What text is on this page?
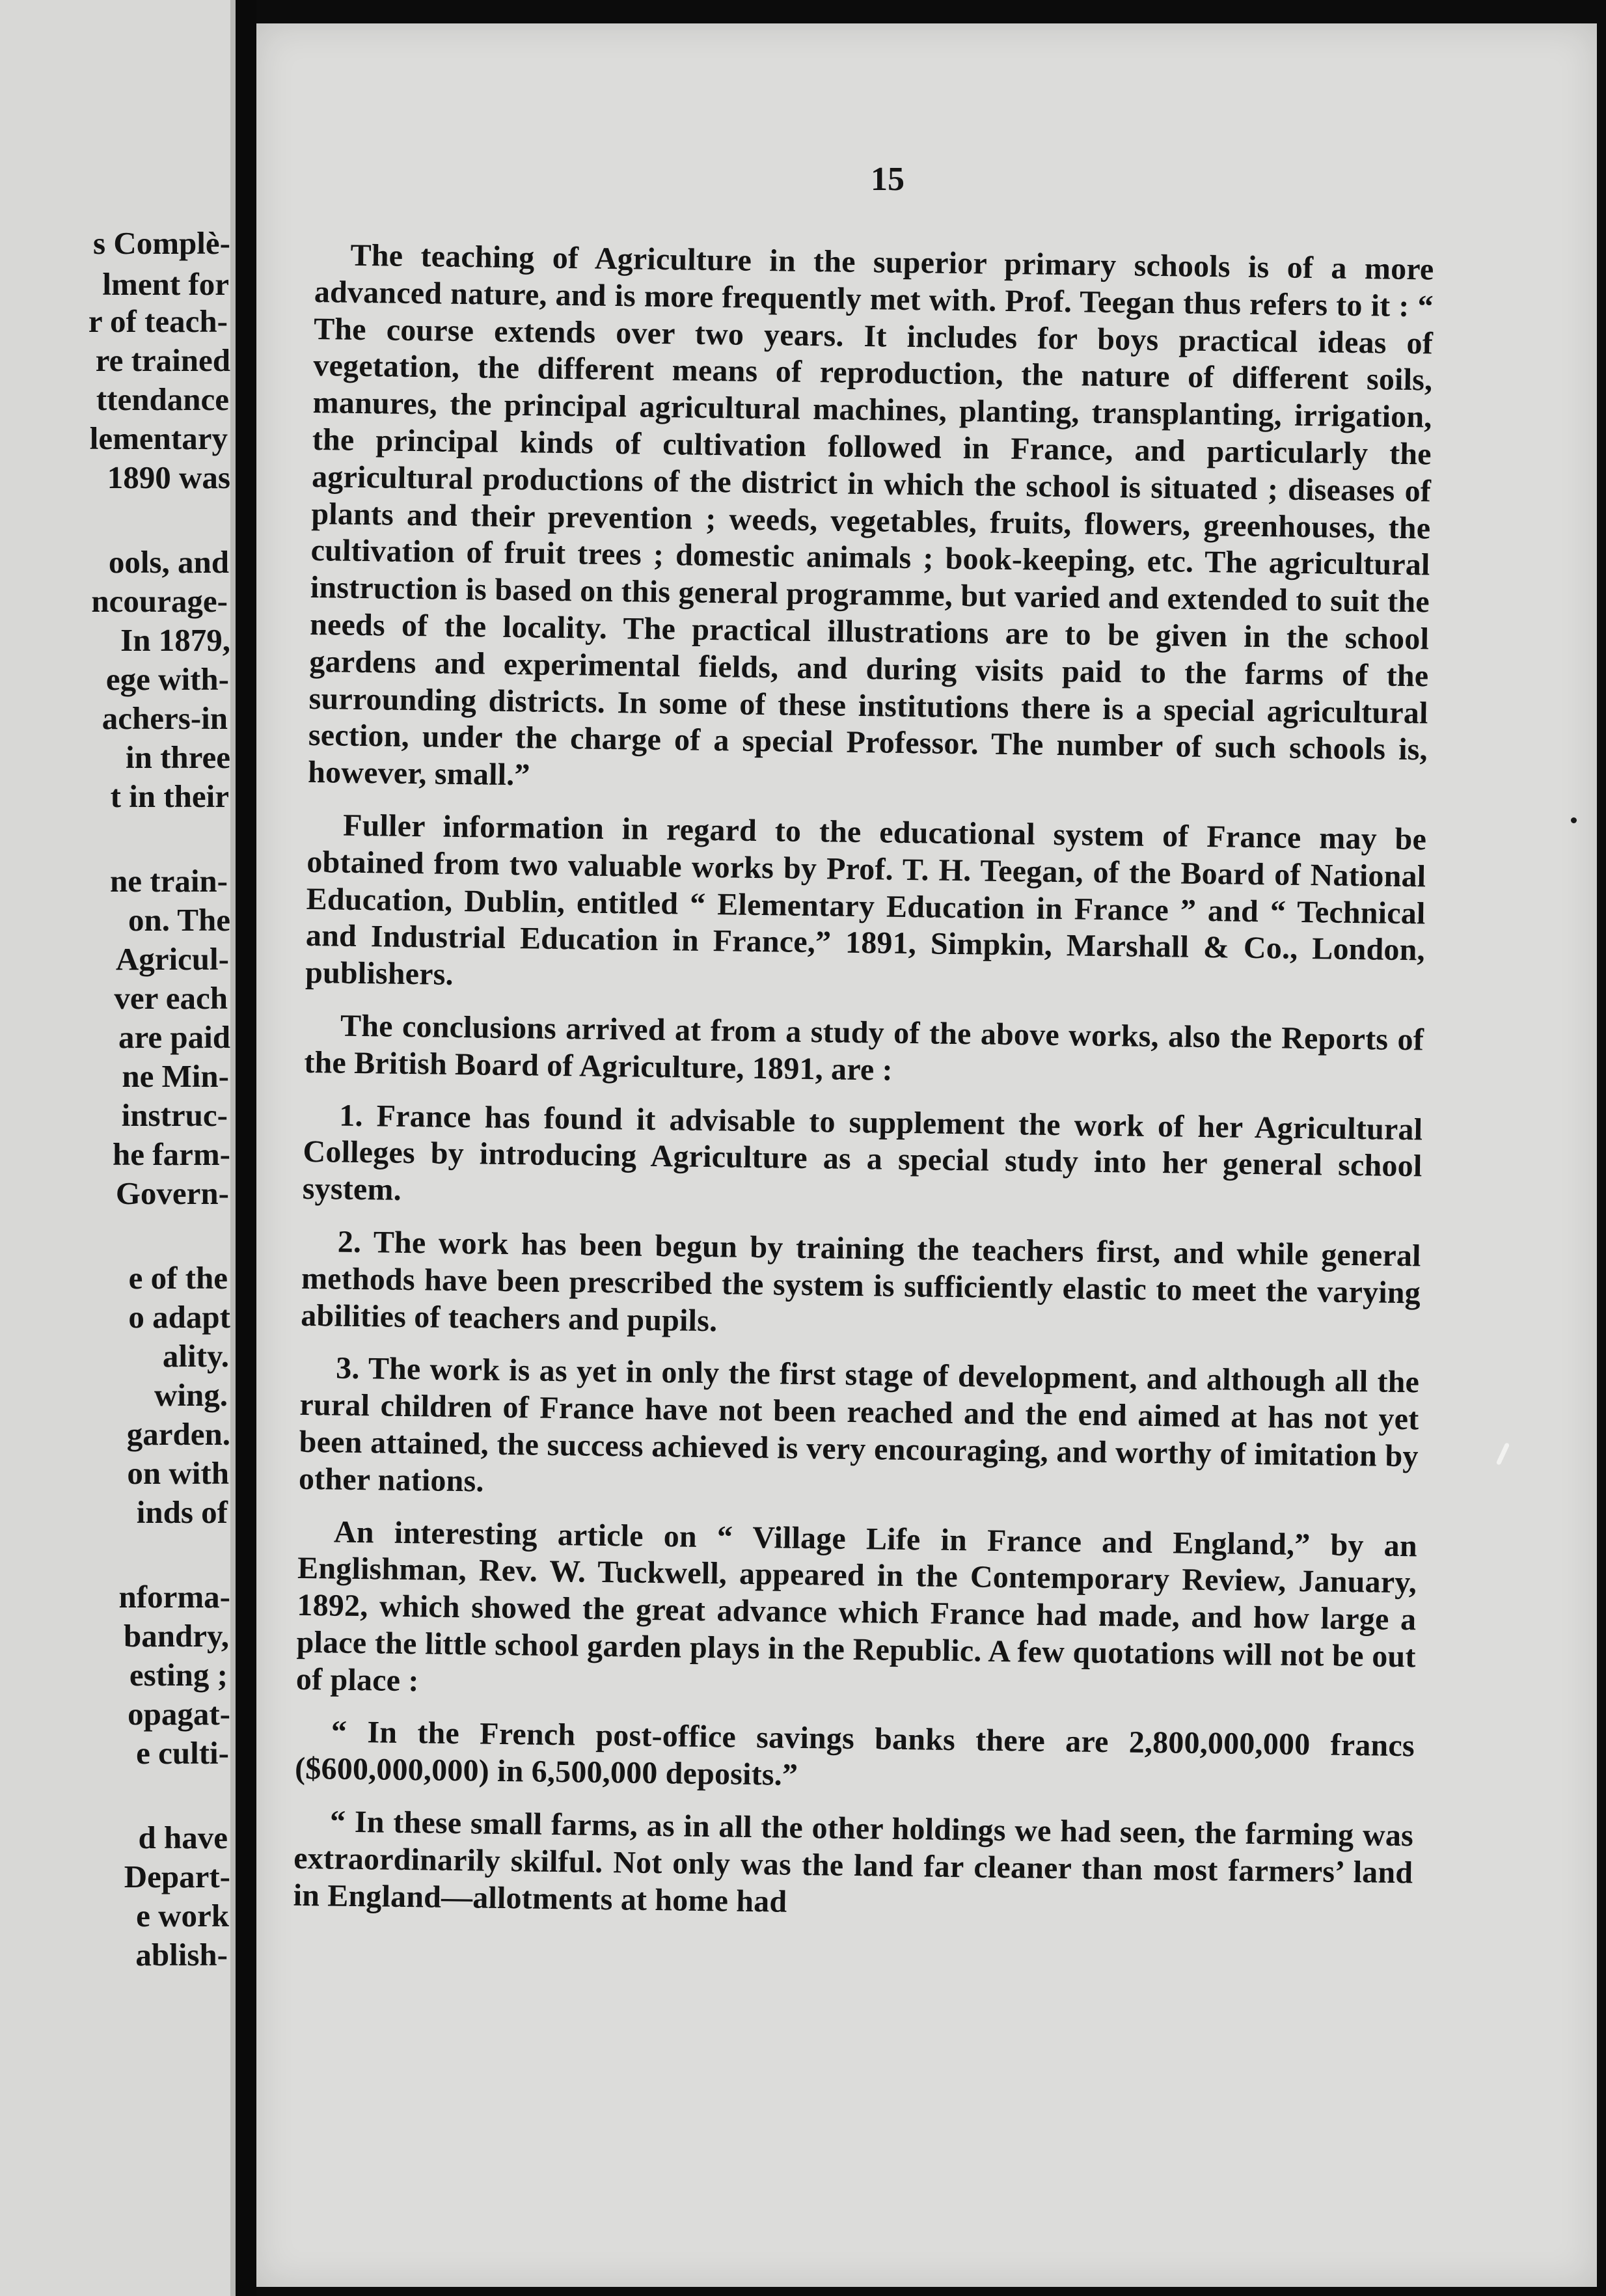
s Complè-
lment for
r of teach-
re trained
ttendance
lementary
1890 was
ools, and
ncourage-
In 1879,
ege with-
achers-in
in three
t in their
ne train-
on. The
Agricul-
ver each
are paid
ne Min-
instruc-
he farm-
Govern-
e of the
o adapt
ality.
wing.
garden.
on with
inds of
nforma-
bandry,
esting ;
opagat-
e culti-
d have
Depart-
e work
ablish-
15

The teaching of Agriculture in the superior primary schools is of a more advanced nature, and is more frequently met with. Prof. Teegan thus refers to it : “ The course extends over two years. It includes for boys practical ideas of vegetation, the different means of reproduction, the nature of different soils, manures, the principal agricultural machines, planting, transplanting, irrigation, the principal kinds of cultivation followed in France, and particularly the agricultural productions of the district in which the school is situated ; diseases of plants and their prevention ; weeds, vegetables, fruits, flowers, greenhouses, the cultivation of fruit trees ; domestic animals ; book-keeping, etc. The agricultural instruction is based on this general programme, but varied and extended to suit the needs of the locality. The practical illustrations are to be given in the school gardens and experimental fields, and during visits paid to the farms of the surrounding districts. In some of these institutions there is a special agricultural section, under the charge of a special Professor. The number of such schools is, however, small.”

Fuller information in regard to the educational system of France may be obtained from two valuable works by Prof. T. H. Teegan, of the Board of National Education, Dublin, entitled “ Elementary Education in France ” and “ Technical and Industrial Education in France,” 1891, Simpkin, Marshall & Co., London, publishers.

The conclusions arrived at from a study of the above works, also the Reports of the British Board of Agriculture, 1891, are :

1. France has found it advisable to supplement the work of her Agricultural Colleges by introducing Agriculture as a special study into her general school system.

2. The work has been begun by training the teachers first, and while general methods have been prescribed the system is sufficiently elastic to meet the varying abilities of teachers and pupils.

3. The work is as yet in only the first stage of development, and although all the rural children of France have not been reached and the end aimed at has not yet been attained, the success achieved is very encouraging, and worthy of imitation by other nations.

An interesting article on “ Village Life in France and England,” by an Englishman, Rev. W. Tuckwell, appeared in the Contemporary Review, January, 1892, which showed the great advance which France had made, and how large a place the little school garden plays in the Republic. A few quotations will not be out of place :

“ In the French post-office savings banks there are 2,800,000,000 francs ($600,000,000) in 6,500,000 deposits.”

“ In these small farms, as in all the other holdings we had seen, the farming was extraordinarily skilful. Not only was the land far cleaner than most farmers’ land in England—allotments at home had
